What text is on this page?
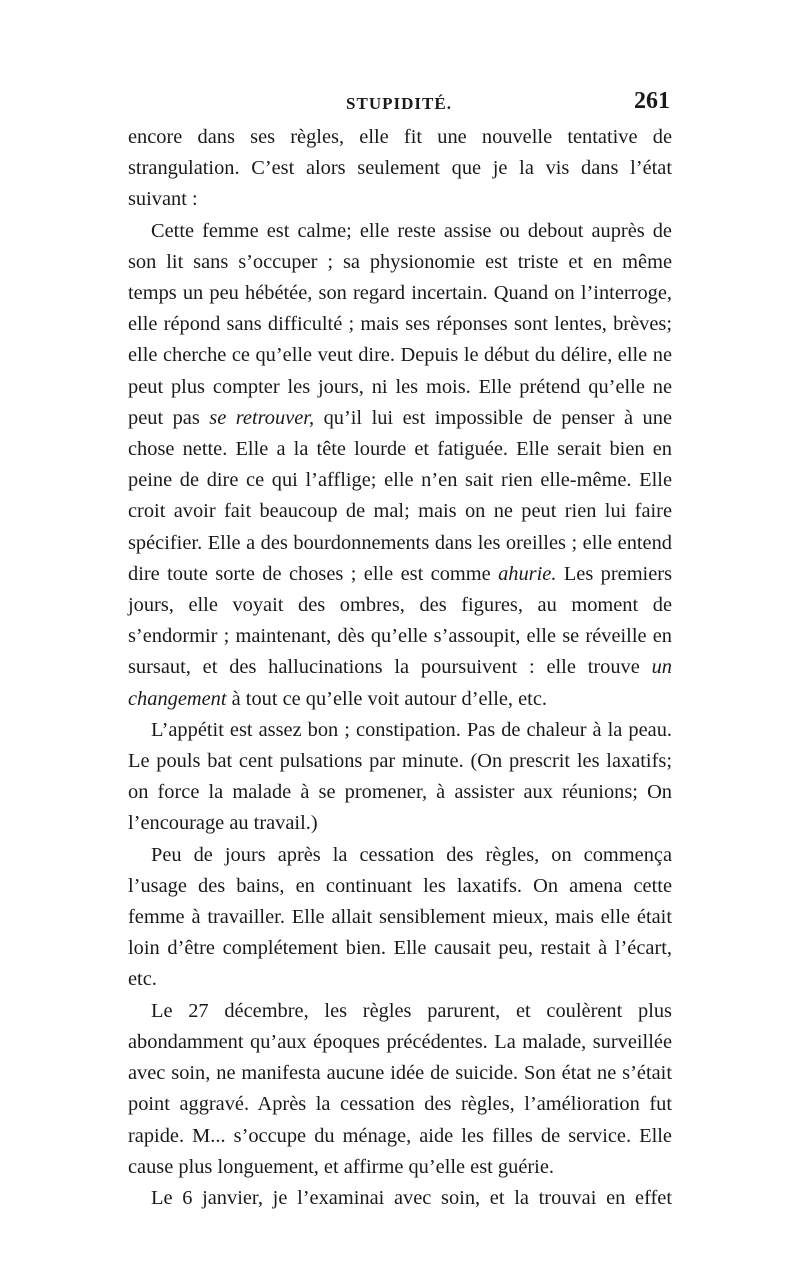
STUPIDITÉ.	261

encore dans ses règles, elle fit une nouvelle tentative de strangulation. C’est alors seulement que je la vis dans l’état suivant :

Cette femme est calme; elle reste assise ou debout auprès de son lit sans s’occuper ; sa physionomie est triste et en même temps un peu hébétée, son regard incertain. Quand on l’interroge, elle répond sans difficulté ; mais ses réponses sont lentes, brèves; elle cherche ce qu’elle veut dire. Depuis le début du délire, elle ne peut plus compter les jours, ni les mois. Elle prétend qu’elle ne peut pas se retrouver, qu’il lui est impossible de penser à une chose nette. Elle a la tête lourde et fatiguée. Elle serait bien en peine de dire ce qui l’afflige; elle n’en sait rien elle-même. Elle croit avoir fait beaucoup de mal; mais on ne peut rien lui faire spécifier. Elle a des bourdonnements dans les oreilles ; elle entend dire toute sorte de choses ; elle est comme ahurie. Les premiers jours, elle voyait des ombres, des figures, au moment de s’endormir ; maintenant, dès qu’elle s’assoupit, elle se réveille en sursaut, et des hallucinations la poursuivent : elle trouve un changement à tout ce qu’elle voit autour d’elle, etc.

L’appétit est assez bon ; constipation. Pas de chaleur à la peau. Le pouls bat cent pulsations par minute. (On prescrit les laxatifs; on force la malade à se promener, à assister aux réunions; On l’encourage au travail.)

Peu de jours après la cessation des règles, on commença l’usage des bains, en continuant les laxatifs. On amena cette femme à travailler. Elle allait sensiblement mieux, mais elle était loin d’être complétement bien. Elle causait peu, restait à l’écart, etc.

Le 27 décembre, les règles parurent, et coulèrent plus abondamment qu’aux époques précédentes. La malade, surveillée avec soin, ne manifesta aucune idée de suicide. Son état ne s’était point aggravé. Après la cessation des règles, l’amélioration fut rapide. M... s’occupe du ménage, aide les filles de service. Elle cause plus longuement, et affirme qu’elle est guérie.

Le 6 janvier, je l’examinai avec soin, et la trouvai en effet
